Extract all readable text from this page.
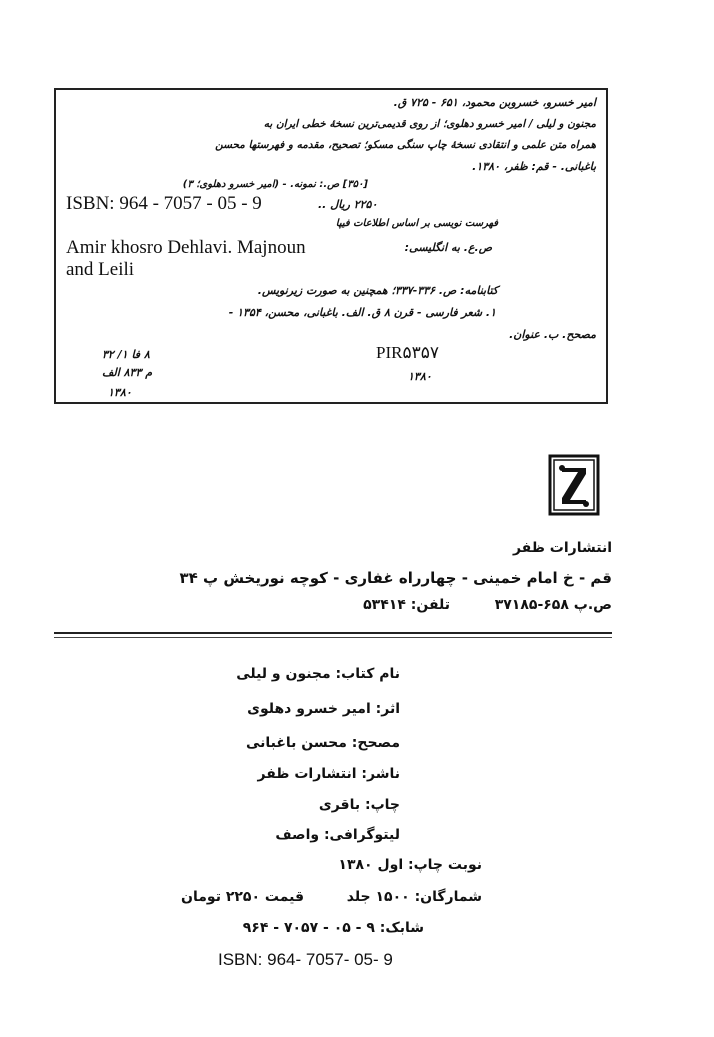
امیر خسرو، خسروبن محمود، ۶۵۱ - ۷۲۵ ق.
مجنون و لیلی / امیر خسرو دهلوی؛ از روی قدیمی‌ترین نسخهٔ خطی ایران به
همراه متن علمی و انتقادی نسخهٔ چاپ سنگی مسکو؛ تصحیح، مقدمه و فهرستها محسن
باغبانی. - قم: ظفر، ۱۳۸۰.
[۳۵۰] ص.: نمونه. - (امیر خسرو دهلوی؛ ۳)
ISBN: 964 - 7057 - 05 - 9	۲۲۵۰ ریال ..
فهرست نویسی بر اساس اطلاعات فیپا
Amir khosro Dehlavi. Majnoun	ص.ع. به انگلیسی:
and Leili
کتابنامه: ص. ۳۳۶-۳۳۷؛ همچنین به صورت زیرنویس.
۱. شعر فارسی - قرن ۸ ق. الف. باغبانی، محسن، ۱۳۵۴ -
مصحح. ب. عنوان.
PIR۵۳۵۷
۱۳۸۰
۸ فا ۱/ ۳۲
م ۸۳۳ الف
۱۳۸۰
انتشارات ظفر
قم - خ امام خمینی - چهارراه غفاری - کوچه نوریخش پ ۳۴
ص.پ ۶۵۸-۳۷۱۸۵
تلفن: ۵۳۴۱۴
نام کتاب: مجنون و لیلی
اثر: امیر خسرو دهلوی
مصحح: محسن باغبانی
ناشر: انتشارات ظفر
چاپ: باقری
لیتوگرافی: واصف
نوبت چاپ: اول ۱۳۸۰
شمارگان: ۱۵۰۰ جلد
قیمت ۲۲۵۰ تومان
شابک: ۹ - ۰۵ - ۷۰۵۷ - ۹۶۴
ISBN: 964- 7057- 05- 9
